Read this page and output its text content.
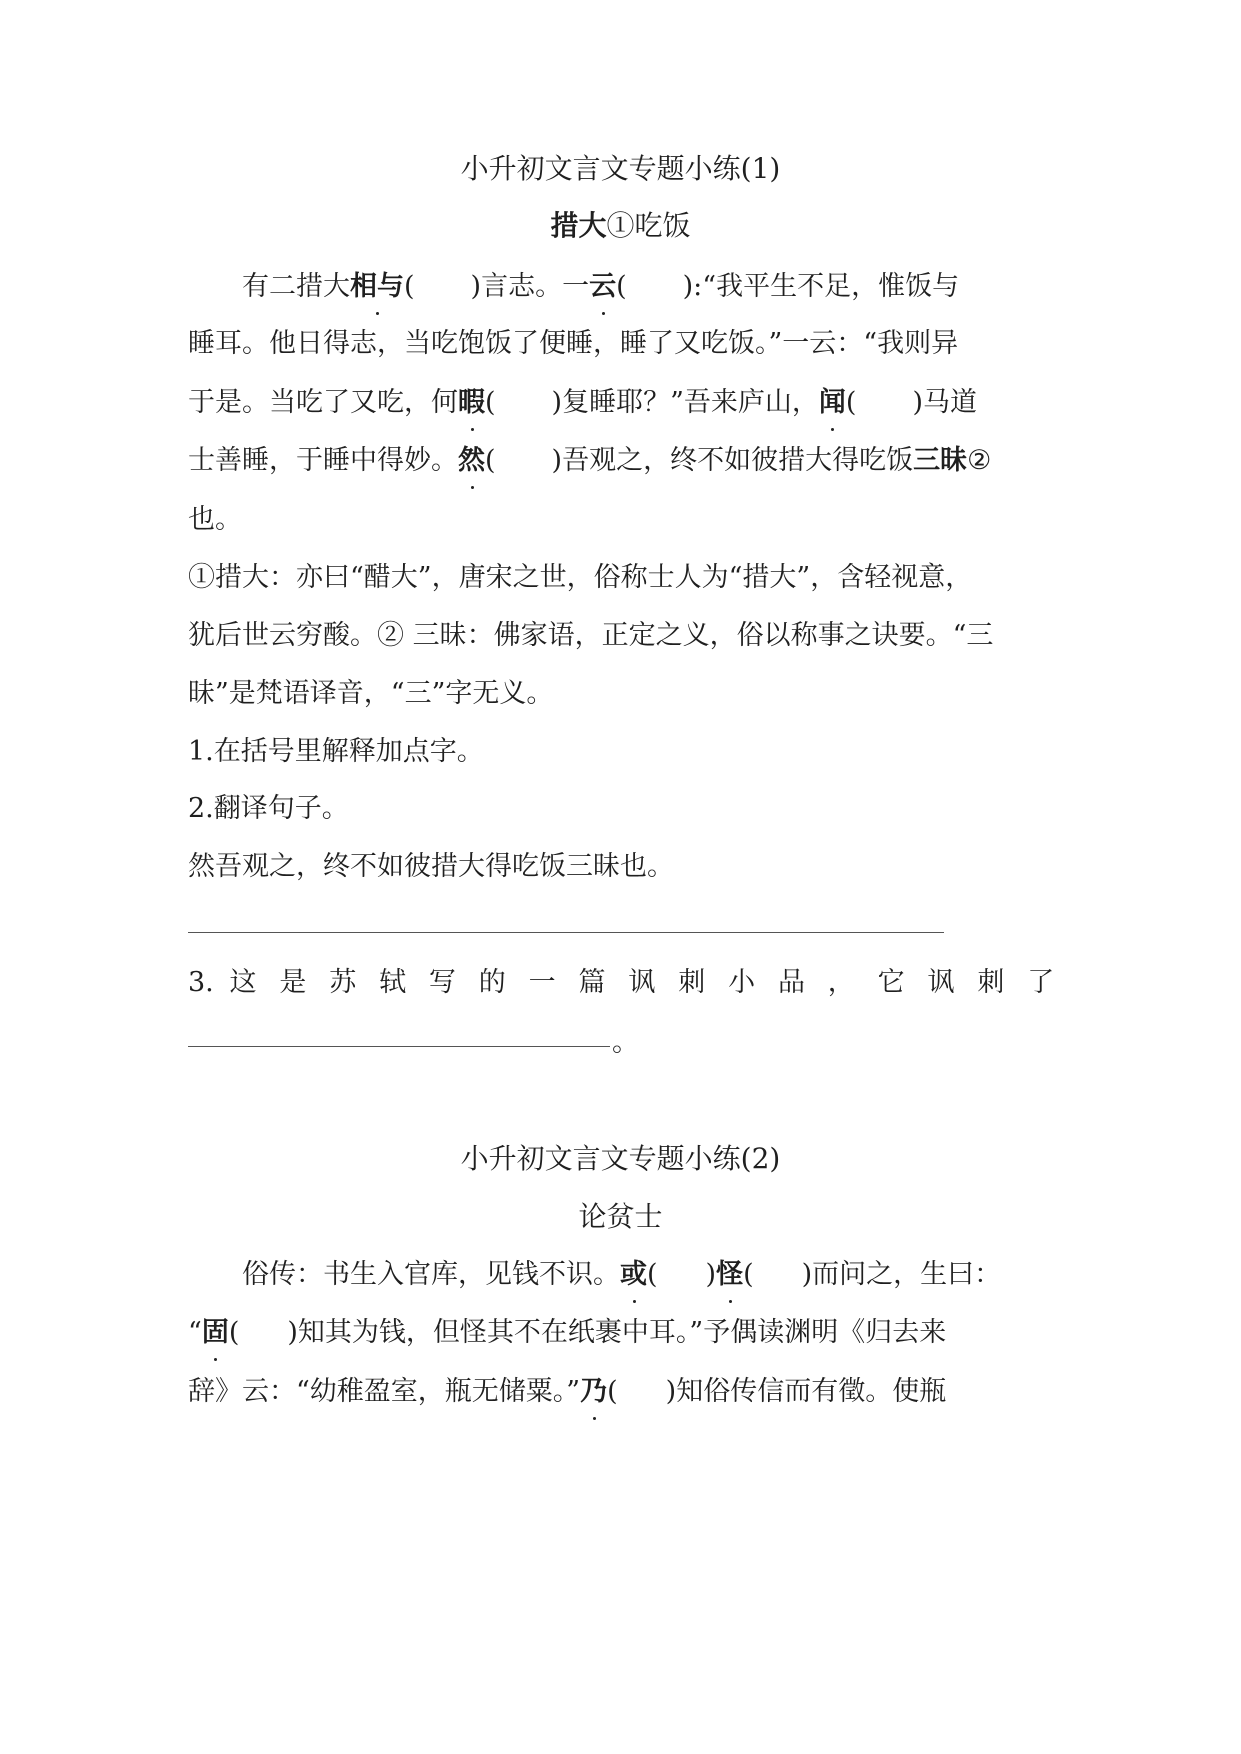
小升初文言文专题小练(1)
措大①吃饭
有二措大相与( )言志。一云( ):“我平生不足，惟饭与
睡耳。他日得志，当吃饱饭了便睡，睡了又吃饭。”一云：“我则异
于是。当吃了又吃，何暇( )复睡耶？”吾来庐山，闻( )马道
士善睡，于睡中得妙。然( )吾观之，终不如彼措大得吃饭三昧②
也。
①措大：亦曰“醋大”，唐宋之世，俗称士人为“措大”，含轻视意，
犹后世云穷酸。② 三昧：佛家语，正定之义，俗以称事之诀要。“三
昧”是梵语译音，“三”字无义。
1.在括号里解释加点字。
2.翻译句子。
然吾观之，终不如彼措大得吃饭三昧也。
3. 这 是 苏 轼 写 的 一 篇 讽 刺 小 品 ， 它 讽 刺 了
。
小升初文言文专题小练(2)
论贫士
俗传：书生入官库，见钱不识。或( )怪( )而问之，生曰：
“固( )知其为钱，但怪其不在纸裹中耳。”予偶读渊明《归去来
辞》云：“幼稚盈室，瓶无储粟。”乃( )知俗传信而有徵。使瓶
